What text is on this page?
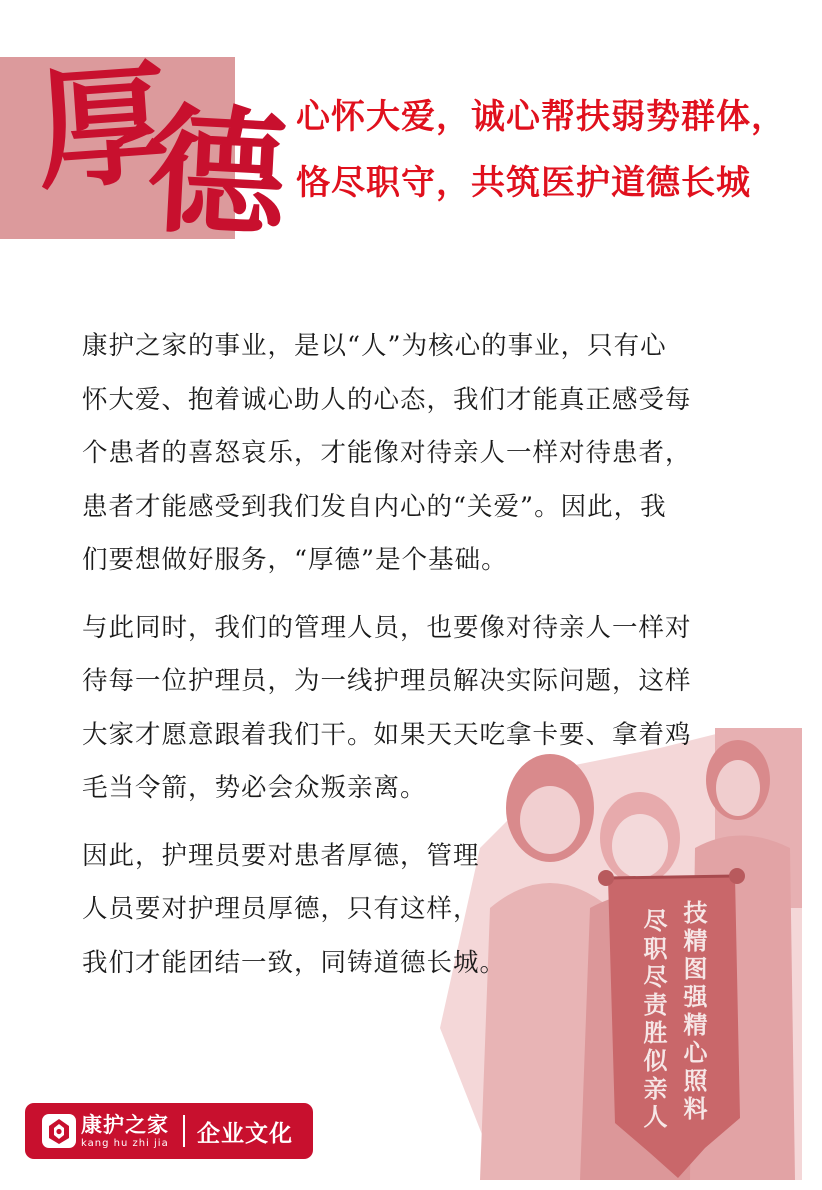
厚
德 心怀大爱，诚心帮扶弱势群体，
恪尽职守，共筑医护道德长城
技精图强精心照料
尽职尽责胜似亲人
康护之家的事业，是以“人”为核心的事业，只有心
怀大爱、抱着诚心助人的心态，我们才能真正感受每
个患者的喜怒哀乐，才能像对待亲人一样对待患者，
患者才能感受到我们发自内心的“关爱”。因此，我
们要想做好服务，“厚德”是个基础。
与此同时，我们的管理人员，也要像对待亲人一样对
待每一位护理员，为一线护理员解决实际问题，这样
大家才愿意跟着我们干。如果天天吃拿卡要、拿着鸡
毛当令箭，势必会众叛亲离。
因此，护理员要对患者厚德，管理
人员要对护理员厚德，只有这样，
我们才能团结一致，同铸道德长城。
康护之家
kang hu zhi jia 企业文化
